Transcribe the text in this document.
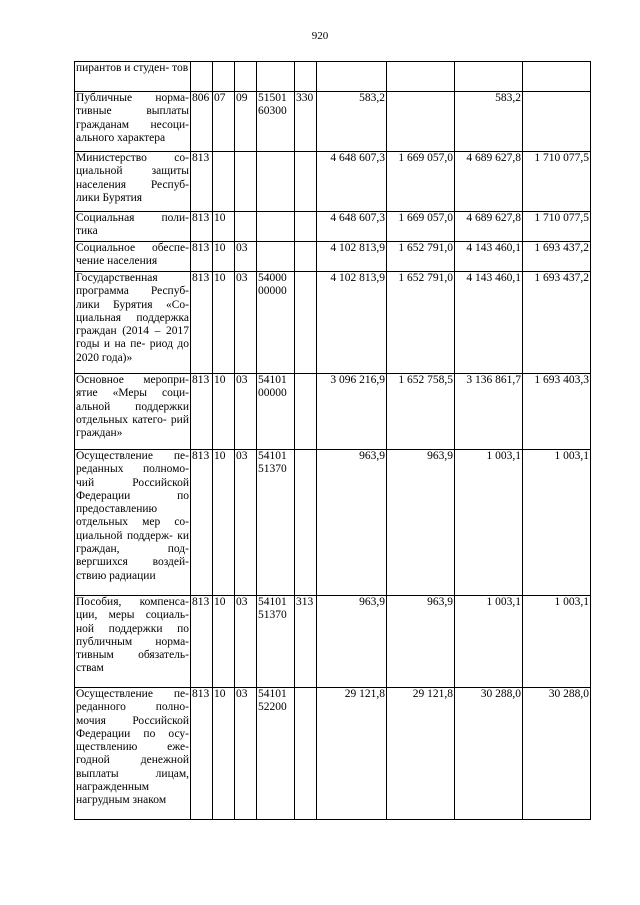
920
пирантов и студен- тов									
Публичные норма- тивные выплаты гражданам несоци- ального характера	806	07	09	51501 60300	330	583,2		583,2	
Министерство со- циальной защиты населения Респуб- лики Бурятия	813					4 648 607,3	1 669 057,0	4 689 627,8	1 710 077,5
Социальная поли- тика	813	10				4 648 607,3	1 669 057,0	4 689 627,8	1 710 077,5
Социальное обеспе- чение населения	813	10	03			4 102 813,9	1 652 791,0	4 143 460,1	1 693 437,2
Государственная программа Респуб- лики Бурятия «Со- циальная поддержка граждан (2014 – 2017 годы и на пе- риод до 2020 года)»	813	10	03	54000 00000		4 102 813,9	1 652 791,0	4 143 460,1	1 693 437,2
Основное меропри- ятие «Меры соци- альной поддержки отдельных катего- рий граждан»	813	10	03	54101 00000		3 096 216,9	1 652 758,5	3 136 861,7	1 693 403,3
Осуществление пе- реданных полномо- чий Российской Федерации по предоставлению отдельных мер со- циальной поддерж- ки граждан, под- вергшихся воздей- ствию радиации	813	10	03	54101 51370		963,9	963,9	1 003,1	1 003,1
Пособия, компенса- ции, меры социаль- ной поддержки по публичным норма- тивным обязатель- ствам	813	10	03	54101 51370	313	963,9	963,9	1 003,1	1 003,1
Осуществление пе- реданного полно- мочия Российской Федерации по осу- ществлению еже- годной денежной выплаты лицам, награжденным нагрудным знаком	813	10	03	54101 52200		29 121,8	29 121,8	30 288,0	30 288,0
